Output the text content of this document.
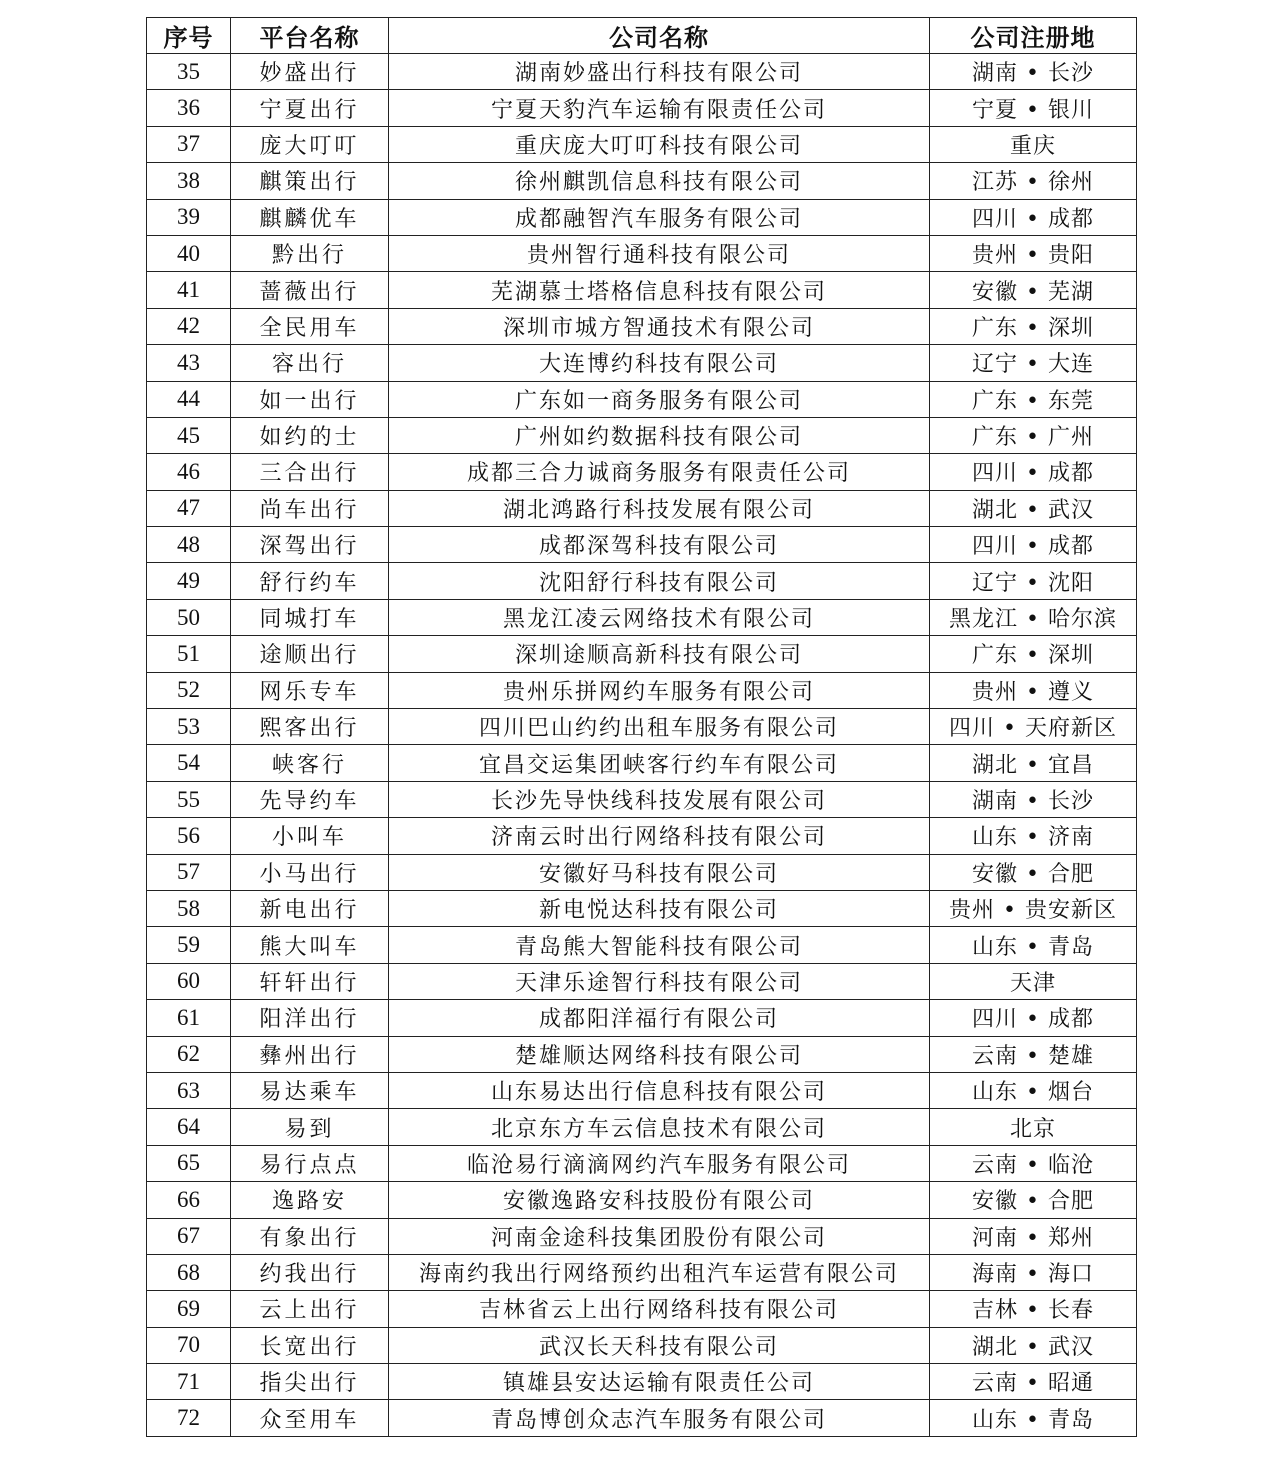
序号	平台名称	公司名称	公司注册地
35	妙盛出行	湖南妙盛出行科技有限公司	湖南 • 长沙
36	宁夏出行	宁夏天豹汽车运输有限责任公司	宁夏 • 银川
37	庞大叮叮	重庆庞大叮叮科技有限公司	重庆
38	麒策出行	徐州麒凯信息科技有限公司	江苏 • 徐州
39	麒麟优车	成都融智汽车服务有限公司	四川 • 成都
40	黔出行	贵州智行通科技有限公司	贵州 • 贵阳
41	蔷薇出行	芜湖慕士塔格信息科技有限公司	安徽 • 芜湖
42	全民用车	深圳市城方智通技术有限公司	广东 • 深圳
43	容出行	大连博约科技有限公司	辽宁 • 大连
44	如一出行	广东如一商务服务有限公司	广东 • 东莞
45	如约的士	广州如约数据科技有限公司	广东 • 广州
46	三合出行	成都三合力诚商务服务有限责任公司	四川 • 成都
47	尚车出行	湖北鸿路行科技发展有限公司	湖北 • 武汉
48	深驾出行	成都深驾科技有限公司	四川 • 成都
49	舒行约车	沈阳舒行科技有限公司	辽宁 • 沈阳
50	同城打车	黑龙江凌云网络技术有限公司	黑龙江 • 哈尔滨
51	途顺出行	深圳途顺高新科技有限公司	广东 • 深圳
52	网乐专车	贵州乐拼网约车服务有限公司	贵州 • 遵义
53	熙客出行	四川巴山约约出租车服务有限公司	四川 • 天府新区
54	峡客行	宜昌交运集团峡客行约车有限公司	湖北 • 宜昌
55	先导约车	长沙先导快线科技发展有限公司	湖南 • 长沙
56	小叫车	济南云时出行网络科技有限公司	山东 • 济南
57	小马出行	安徽好马科技有限公司	安徽 • 合肥
58	新电出行	新电悦达科技有限公司	贵州 • 贵安新区
59	熊大叫车	青岛熊大智能科技有限公司	山东 • 青岛
60	轩轩出行	天津乐途智行科技有限公司	天津
61	阳洋出行	成都阳洋福行有限公司	四川 • 成都
62	彝州出行	楚雄顺达网络科技有限公司	云南 • 楚雄
63	易达乘车	山东易达出行信息科技有限公司	山东 • 烟台
64	易到	北京东方车云信息技术有限公司	北京
65	易行点点	临沧易行滴滴网约汽车服务有限公司	云南 • 临沧
66	逸路安	安徽逸路安科技股份有限公司	安徽 • 合肥
67	有象出行	河南金途科技集团股份有限公司	河南 • 郑州
68	约我出行	海南约我出行网络预约出租汽车运营有限公司	海南 • 海口
69	云上出行	吉林省云上出行网络科技有限公司	吉林 • 长春
70	长宽出行	武汉长天科技有限公司	湖北 • 武汉
71	指尖出行	镇雄县安达运输有限责任公司	云南 • 昭通
72	众至用车	青岛博创众志汽车服务有限公司	山东 • 青岛
